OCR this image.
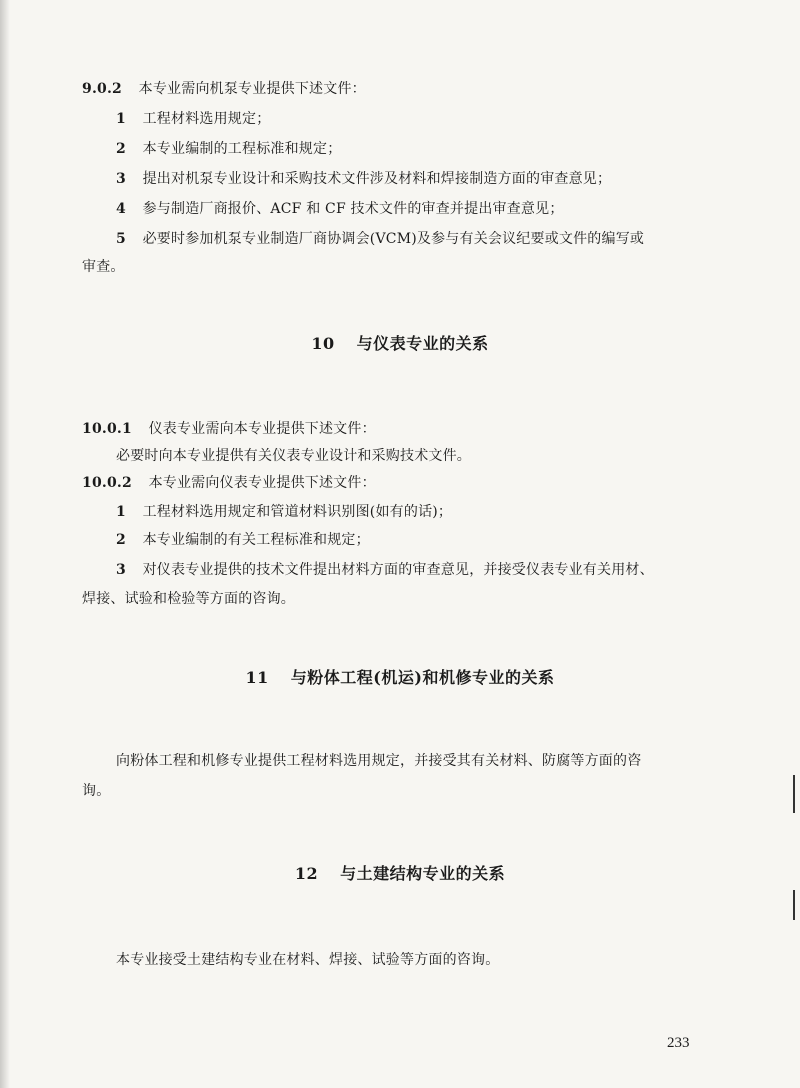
9.0.2 本专业需向机泵专业提供下述文件：
1 工程材料选用规定；
2 本专业编制的工程标准和规定；
3 提出对机泵专业设计和采购技术文件涉及材料和焊接制造方面的审查意见；
4 参与制造厂商报价、ACF 和 CF 技术文件的审查并提出审查意见；
5 必要时参加机泵专业制造厂商协调会(VCM)及参与有关会议纪要或文件的编写或
审查。
10 与仪表专业的关系
10.0.1 仪表专业需向本专业提供下述文件：
必要时向本专业提供有关仪表专业设计和采购技术文件。
10.0.2 本专业需向仪表专业提供下述文件：
1 工程材料选用规定和管道材料识别图(如有的话)；
2 本专业编制的有关工程标准和规定；
3 对仪表专业提供的技术文件提出材料方面的审查意见，并接受仪表专业有关用材、
焊接、试验和检验等方面的咨询。
11 与粉体工程(机运)和机修专业的关系
向粉体工程和机修专业提供工程材料选用规定，并接受其有关材料、防腐等方面的咨
询。
12 与土建结构专业的关系
本专业接受土建结构专业在材料、焊接、试验等方面的咨询。
233
